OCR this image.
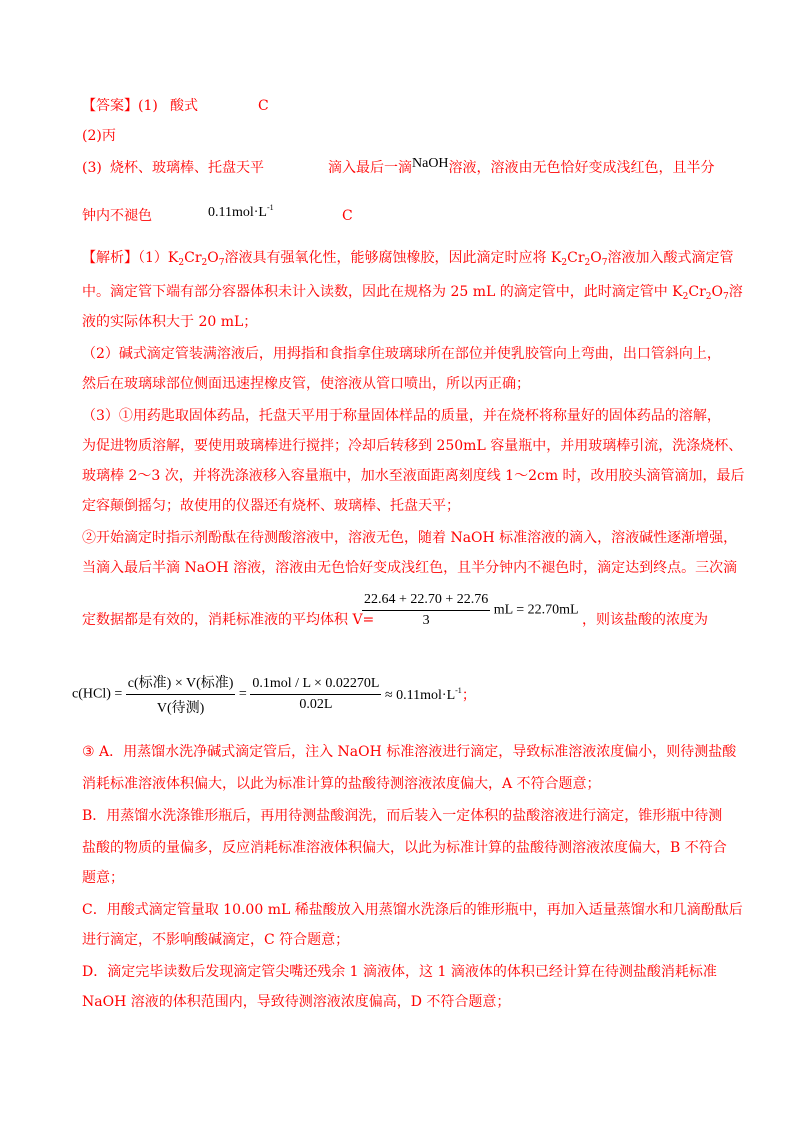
【答案】(1) 酸式	C
(2)丙
(3) 烧杯、玻璃棒、托盘天平	滴入最后一滴NaOH溶液，溶液由无色恰好变成浅红色，且半分
钟内不褪色	$0.11mol\cdot L^{-1}$
C
【解析】$(1)K_2Cr_2O_7$溶液具有强氧化性，能够腐蚀橡胶，因此滴定时应将 $K_2Cr_2O_7$溶液加入酸式滴定管
中。滴定管下端有部分容器体积未计入读数，因此在规格为 25 mL 的滴定管中，此时滴定管中 $K_2Cr_2O_7$溶
液的实际体积大于 20 mL；
（2）碱式滴定管装满溶液后，用拇指和食指拿住玻璃球所在部位并使乳胶管向上弯曲，出口管斜向上，
然后在玻璃球部位侧面迅速捏橡皮管，使溶液从管口喷出，所以丙正确；
（3）①用药匙取固体药品，托盘天平用于称量固体样品的质量，并在烧杯将称量好的固体药品的溶解，
为促进物质溶解，要使用玻璃棒进行搅拌；冷却后转移到 250mL 容量瓶中，并用玻璃棒引流，洗涤烧杯、
玻璃棒 2～3 次，并将洗涤液移入容量瓶中，加水至液面距离刻度线 1～2cm 时，改用胶头滴管滴加，最后
定容颠倒摇匀；故使用的仪器还有烧杯、玻璃棒、托盘天平；
②开始滴定时指示剂酚酞在待测酸溶液中，溶液无色，随着 NaOH 标准溶液的滴入，溶液碱性逐渐增强，
当滴入最后半滴 NaOH 溶液，溶液由无色恰好变成浅红色，且半分钟内不褪色时，滴定达到终点。三次滴
定数据都是有效的，消耗标准液的平均体积 V=
$\frac{22.64 + 22.70 + 22.76}{3}$ mL = 22.70mL
，则该盐酸的浓度为
$c(HCl) = \frac{\text{c(标准) × V(标准)}}{\text{V(待测)}} = \frac{\text{0.1mol / L × 0.02270L}}{0.02L} \approx 0.11mol\cdot L^{-1}$；
③ A．用蒸馏水洗净碱式滴定管后，注入 NaOH 标准溶液进行滴定，导致标准溶液浓度偏小，则待测盐酸
消耗标准溶液体积偏大，以此为标准计算的盐酸待测溶液浓度偏大，A 不符合题意；
B．用蒸馏水洗涤锥形瓶后，再用待测盐酸润洗，而后装入一定体积的盐酸溶液进行滴定，锥形瓶中待测
盐酸的物质的量偏多，反应消耗标准溶液体积偏大，以此为标准计算的盐酸待测溶液浓度偏大，B 不符合
题意；
C．用酸式滴定管量取 10.00 mL 稀盐酸放入用蒸馏水洗涤后的锥形瓶中，再加入适量蒸馏水和几滴酚酞后
进行滴定，不影响酸碱滴定，C 符合题意；
D．滴定完毕读数后发现滴定管尖嘴还残余 1 滴液体，这 1 滴液体的体积已经计算在待测盐酸消耗标准
NaOH 溶液的体积范围内，导致待测溶液浓度偏高，D 不符合题意；
